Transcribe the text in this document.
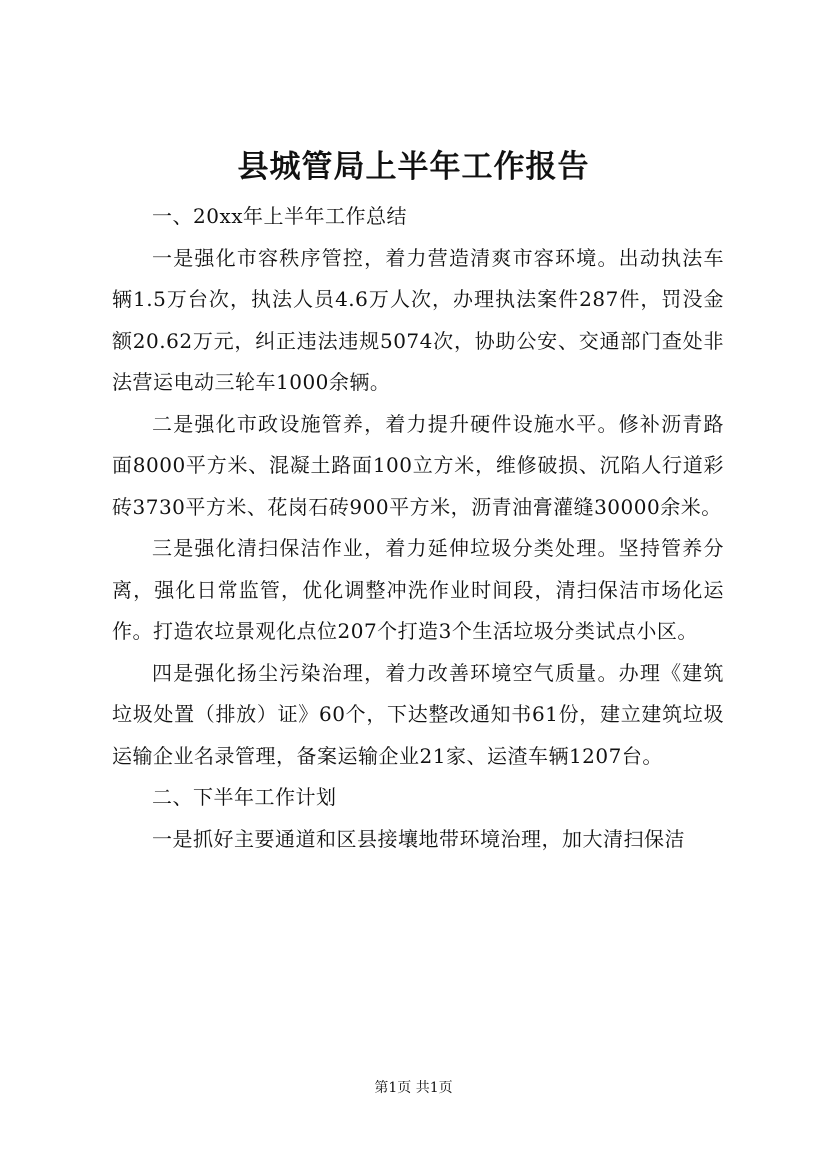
县城管局上半年工作报告

一、20xx年上半年工作总结

一是强化市容秩序管控，着力营造清爽市容环境。出动执法车辆1.5万台次，执法人员4.6万人次，办理执法案件287件，罚没金额20.62万元，纠正违法违规5074次，协助公安、交通部门查处非法营运电动三轮车1000余辆。

二是强化市政设施管养，着力提升硬件设施水平。修补沥青路面8000平方米、混凝土路面100立方米，维修破损、沉陷人行道彩砖3730平方米、花岗石砖900平方米，沥青油膏灌缝30000余米。

三是强化清扫保洁作业，着力延伸垃圾分类处理。坚持管养分离，强化日常监管，优化调整冲洗作业时间段，清扫保洁市场化运作。打造农垃景观化点位207个打造3个生活垃圾分类试点小区。

四是强化扬尘污染治理，着力改善环境空气质量。办理《建筑垃圾处置（排放）证》60个，下达整改通知书61份，建立建筑垃圾运输企业名录管理，备案运输企业21家、运渣车辆1207台。

二、下半年工作计划

一是抓好主要通道和区县接壤地带环境治理，加大清扫保洁

第1页 共1页
